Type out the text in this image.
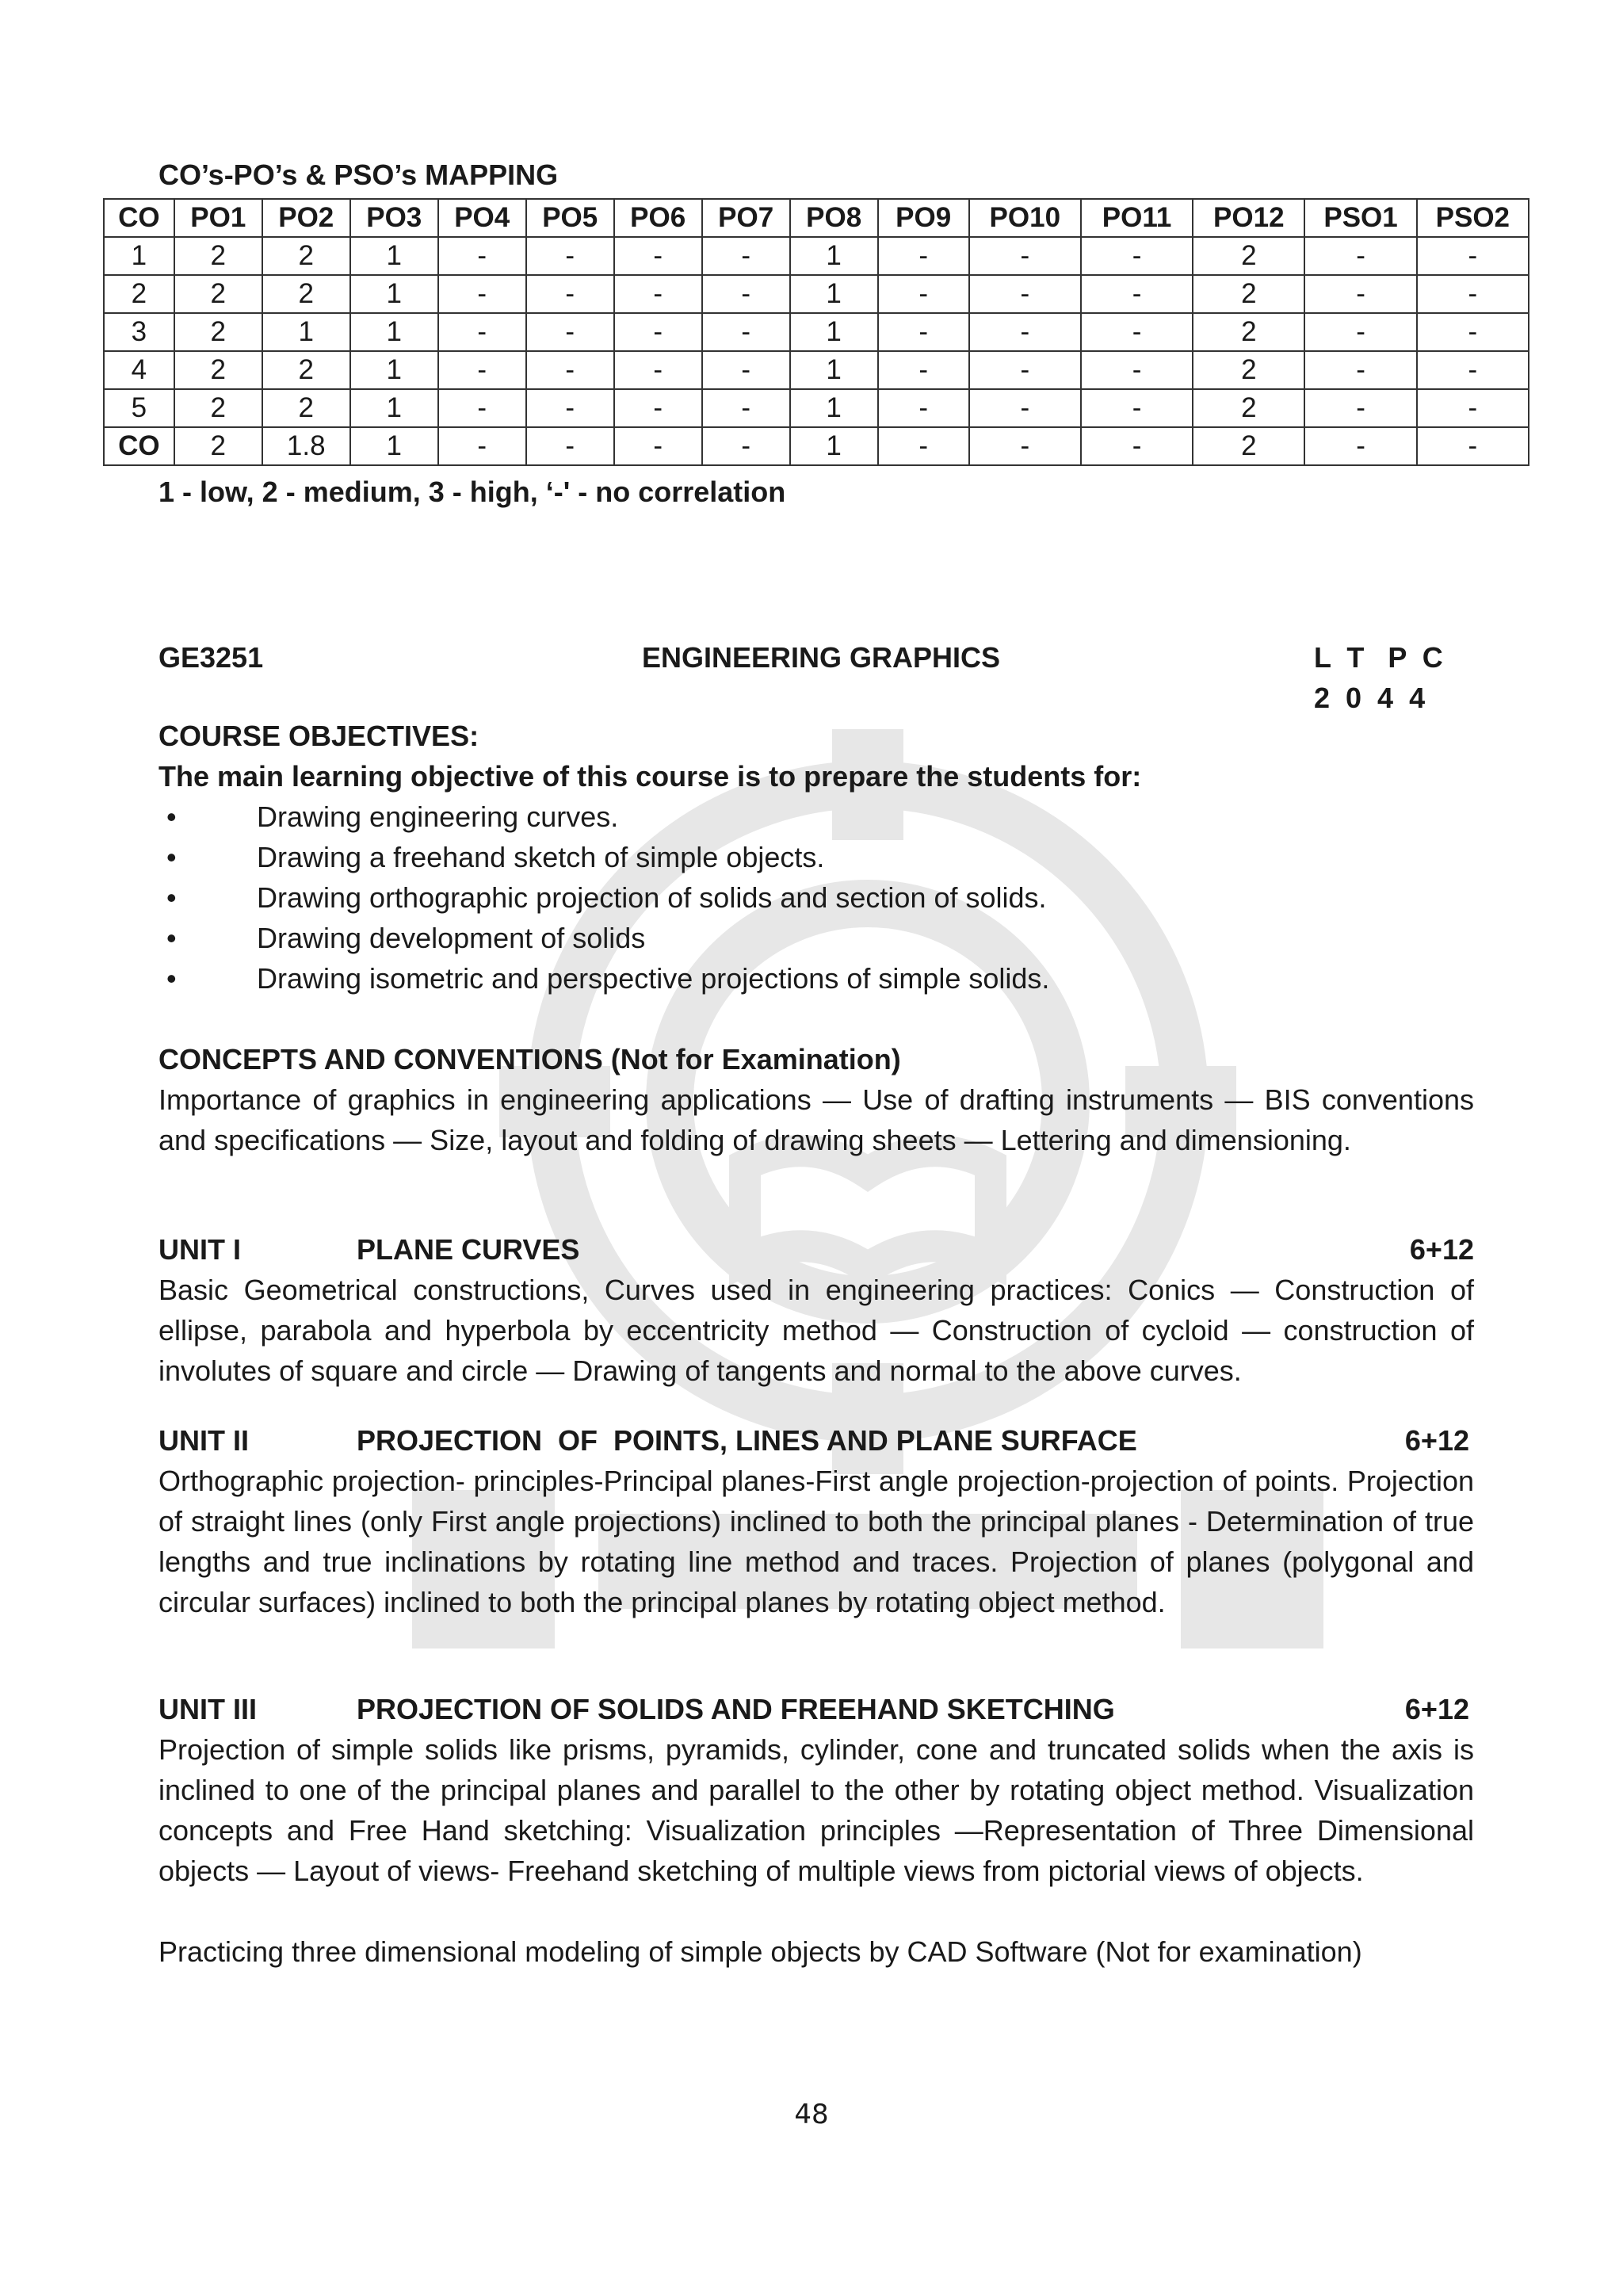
CO’s-PO’s & PSO’s MAPPING
CO	PO1	PO2	PO3	PO4	PO5	PO6	PO7	PO8	PO9	PO10	PO11	PO12	PSO1	PSO2
1	2	2	1	-	-	-	-	1	-	-	-	2	-	-
2	2	2	1	-	-	-	-	1	-	-	-	2	-	-
3	2	1	1	-	-	-	-	1	-	-	-	2	-	-
4	2	2	1	-	-	-	-	1	-	-	-	2	-	-
5	2	2	1	-	-	-	-	1	-	-	-	2	-	-
CO	2	1.8	1	-	-	-	-	1	-	-	-	2	-	-
1 - low, 2 - medium, 3 - high, ‘-' - no correlation
GE3251	ENGINEERING GRAPHICS	L  T   P  C
2  0  4  4
COURSE OBJECTIVES:
The main learning objective of this course is to prepare the students for:
•	Drawing engineering curves.
•	Drawing a freehand sketch of simple objects.
•	Drawing orthographic projection of solids and section of solids.
•	Drawing development of solids
•	Drawing isometric and perspective projections of simple solids.
CONCEPTS AND CONVENTIONS (Not for Examination)
Importance of graphics in engineering applications — Use of drafting instruments — BIS conventions and specifications — Size, layout and folding of drawing sheets — Lettering and dimensioning.
UNIT I	PLANE CURVES	6+12
Basic Geometrical constructions, Curves used in engineering practices: Conics — Construction of ellipse, parabola and hyperbola by eccentricity method — Construction of cycloid — construction of involutes of square and circle — Drawing of tangents and normal to the above curves.
UNIT II	PROJECTION  OF  POINTS, LINES AND PLANE SURFACE	6+12
Orthographic projection- principles-Principal planes-First angle projection-projection of points. Projection of straight lines (only First angle projections) inclined to both the principal planes - Determination of true lengths and true inclinations by rotating line method and traces. Projection of planes (polygonal and circular surfaces) inclined to both the principal planes by rotating object method.
UNIT III	PROJECTION OF SOLIDS AND FREEHAND SKETCHING	6+12
Projection of simple solids like prisms, pyramids, cylinder, cone and truncated solids when the axis is inclined to one of the principal planes and parallel to the other by rotating object method. Visualization concepts and Free Hand sketching: Visualization principles —Representation of Three Dimensional objects — Layout of views- Freehand sketching of multiple views from pictorial views of objects.
Practicing three dimensional modeling of simple objects by CAD Software (Not for examination)
48
